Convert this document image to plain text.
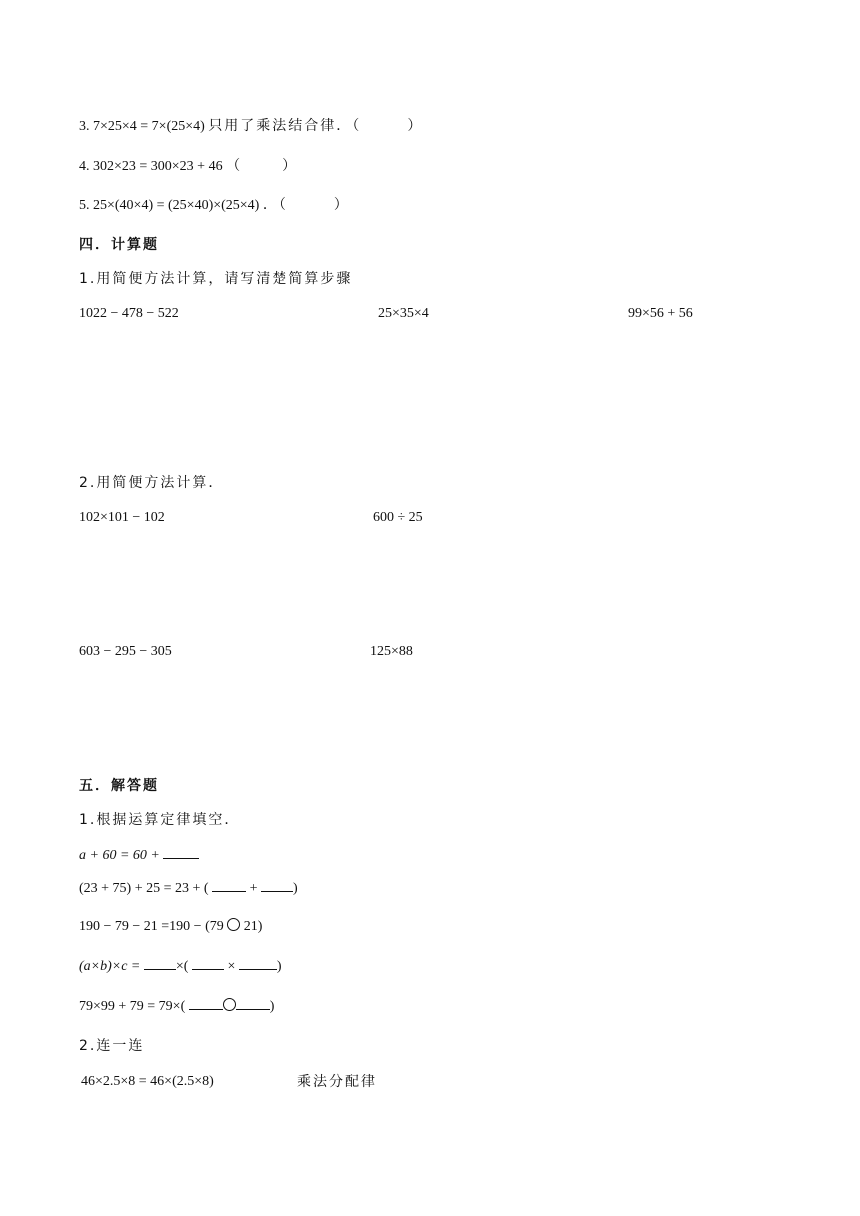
3. 7×25×4 = 7×(25×4) 只用了乘法结合律．（	）
4. 302×23 = 300×23 + 46 （	）
5. 25×(40×4) = (25×40)×(25×4) ．（	）
四．计算题
1.用简便方法计算，请写清楚简算步骤
1022 − 478 − 522	25×35×4	99×56 + 56
2.用简便方法计算．
102×101 − 102	600 ÷ 25
603 − 295 − 305	125×88
五．解答题
1.根据运算定律填空．
a + 60 = 60 +
(23 + 75) + 25 = 23 + (	+	)
190 − 79 − 21 =190 − (79 21)
(a×b)×c = ×(	×	)
79×99 + 79 = 79×(	)
2.连一连
46×2.5×8 = 46×(2.5×8)	乘法分配律
